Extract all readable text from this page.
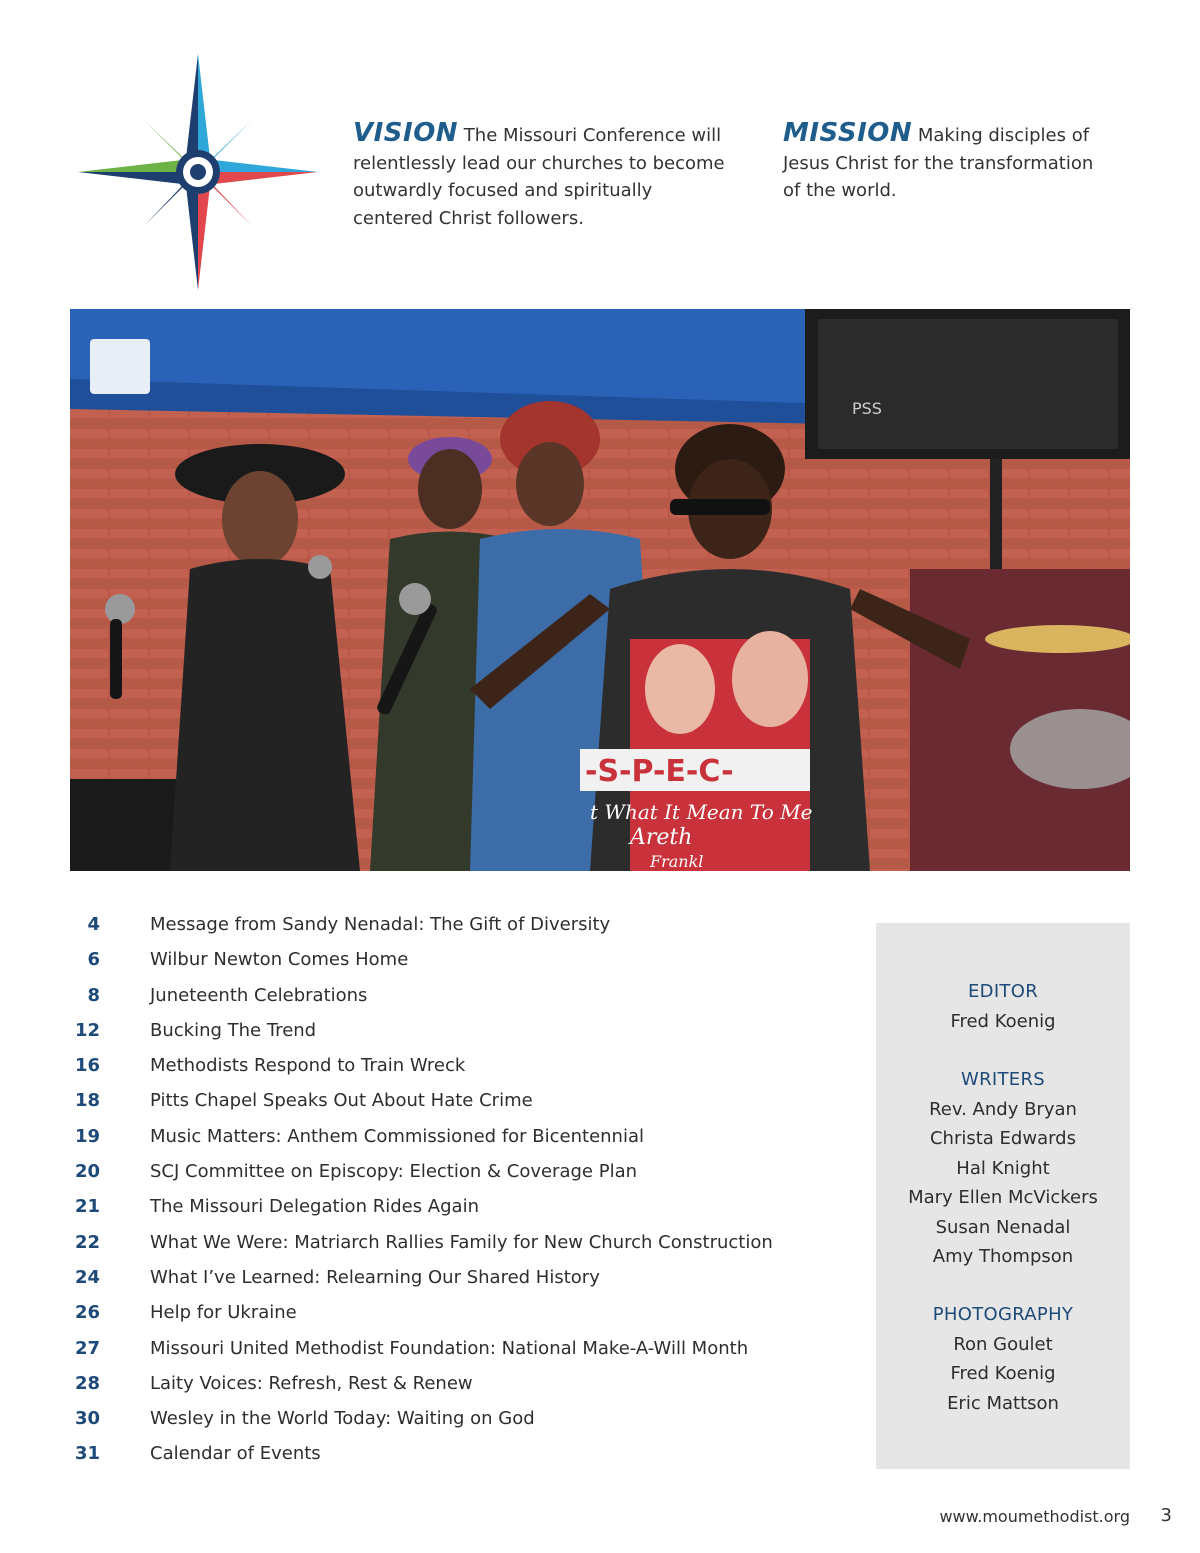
VISION The Missouri Conference will relentlessly lead our churches to become outwardly focused and spiritually centered Christ followers.
MISSION Making disciples of Jesus Christ for the transformation of the world.
PSS
-S-P-E-C-
t What It Mean To Me
Areth
Frankl
4	Message from Sandy Nenadal: The Gift of Diversity
6	Wilbur Newton Comes Home
8	Juneteenth Celebrations
12	Bucking The Trend
16	Methodists Respond to Train Wreck
18	Pitts Chapel Speaks Out About Hate Crime
19	Music Matters: Anthem Commissioned for Bicentennial
20	SCJ Committee on Episcopy: Election & Coverage Plan
21	The Missouri Delegation Rides Again
22	What We Were: Matriarch Rallies Family for New Church Construction
24	What I’ve Learned: Relearning Our Shared History
26	Help for Ukraine
27	Missouri United Methodist Foundation: National Make-A-Will Month
28	Laity Voices: Refresh, Rest & Renew
30	Wesley in the World Today: Waiting on God
31	Calendar of Events
EDITOR
Fred Koenig
WRITERS
Rev. Andy Bryan
Christa Edwards
Hal Knight
Mary Ellen McVickers
Susan Nenadal
Amy Thompson
PHOTOGRAPHY
Ron Goulet
Fred Koenig
Eric Mattson
www.moumethodist.org 3
